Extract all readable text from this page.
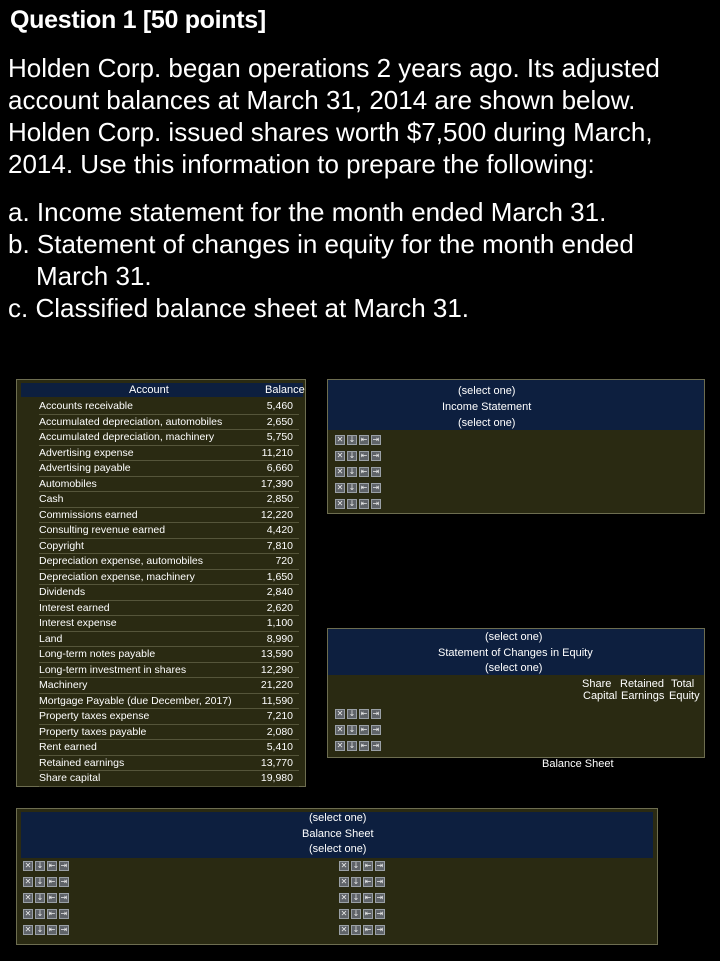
Question 1 [50 points]
Holden Corp. began operations 2 years ago. Its adjusted account balances at March 31, 2014 are shown below. Holden Corp. issued shares worth $7,500 during March, 2014. Use this information to prepare the following:
a. Income statement for the month ended March 31.
b. Statement of changes in equity for the month ended March 31.
c. Classified balance sheet at March 31.
Account	Balance
Accounts receivable	5,460
Accumulated depreciation, automobiles	2,650
Accumulated depreciation, machinery	5,750
Advertising expense	11,210
Advertising payable	6,660
Automobiles	17,390
Cash	2,850
Commissions earned	12,220
Consulting revenue earned	4,420
Copyright	7,810
Depreciation expense, automobiles	720
Depreciation expense, machinery	1,650
Dividends	2,840
Interest earned	2,620
Interest expense	1,100
Land	8,990
Long-term notes payable	13,590
Long-term investment in shares	12,290
Machinery	21,220
Mortgage Payable (due December, 2017)	11,590
Property taxes expense	7,210
Property taxes payable	2,080
Rent earned	5,410
Retained earnings	13,770
Share capital	19,980
(select one)
Income Statement
(select one)
✕ ↓ ⇤ ⇥
✕ ↓ ⇤ ⇥
✕ ↓ ⇤ ⇥
✕ ↓ ⇤ ⇥
✕ ↓ ⇤ ⇥
(select one)
Statement of Changes in Equity
(select one)
Share
Capital
Retained
Earnings
Total
Equity
✕ ↓ ⇤ ⇥
✕ ↓ ⇤ ⇥
✕ ↓ ⇤ ⇥
Balance Sheet
(select one)
Balance Sheet
(select one)
✕ ↓ ⇤ ⇥
✕ ↓ ⇤ ⇥
✕ ↓ ⇤ ⇥
✕ ↓ ⇤ ⇥
✕ ↓ ⇤ ⇥
✕ ↓ ⇤ ⇥
✕ ↓ ⇤ ⇥
✕ ↓ ⇤ ⇥
✕ ↓ ⇤ ⇥
✕ ↓ ⇤ ⇥
